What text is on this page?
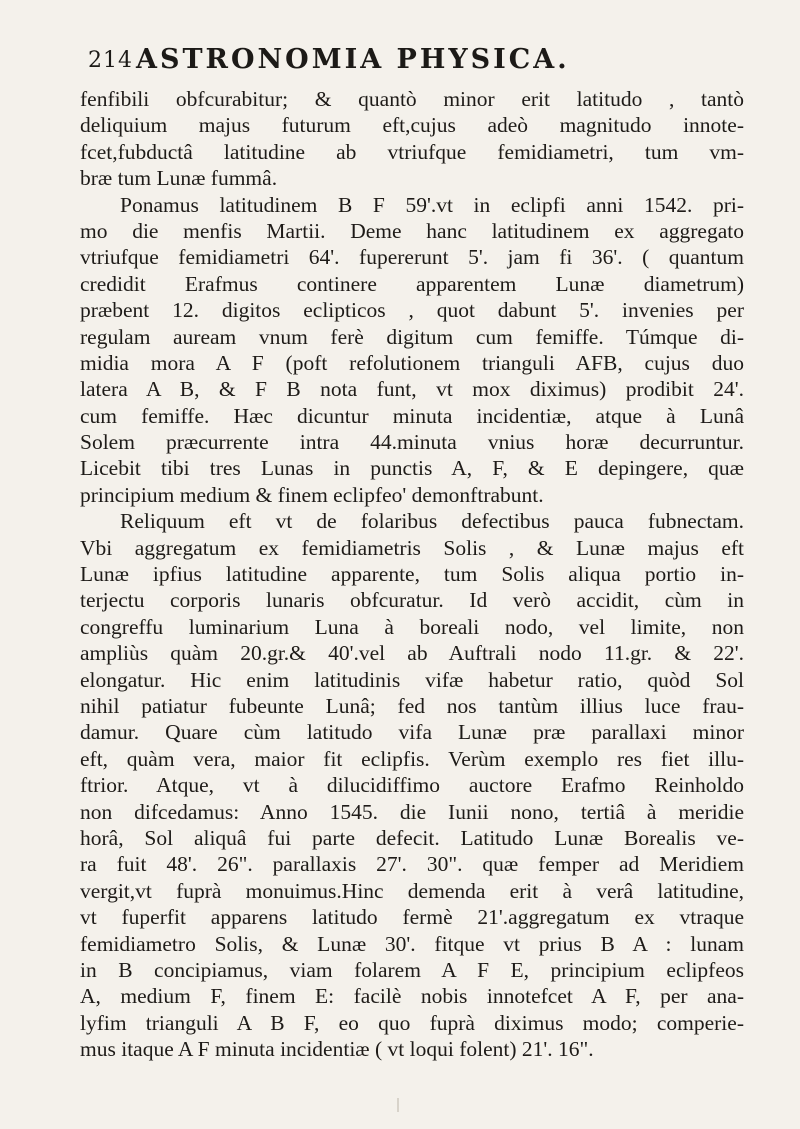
214 ASTRONOMIA PHYSICA.
fenfibili obfcurabitur; & quantò minor erit latitudo , tantò
deliquium majus futurum eft,cujus adeò magnitudo innote-
fcet,fubductâ latitudine ab vtriufque femidiametri, tum vm-
bræ tum Lunæ fummâ.
Ponamus latitudinem B F 59'.vt in eclipfi anni 1542. pri-
mo die menfis Martii. Deme hanc latitudinem ex aggregato
vtriufque femidiametri 64'. fupererunt 5'. jam fi 36'. ( quantum
credidit Erafmus continere apparentem Lunæ diametrum)
præbent 12. digitos eclipticos , quot dabunt 5'. invenies per
regulam auream vnum ferè digitum cum femiffe. Túmque di-
midia mora A F (poft refolutionem trianguli AFB, cujus duo
latera A B, & F B nota funt, vt mox diximus) prodibit 24'.
cum femiffe. Hæc dicuntur minuta incidentiæ, atque à Lunâ
Solem præcurrente intra 44.minuta vnius horæ decurruntur.
Licebit tibi tres Lunas in punctis A, F, & E depingere, quæ
principium medium & finem eclipfeo' demonftrabunt.
Reliquum eft vt de folaribus defectibus pauca fubnectam.
Vbi aggregatum ex femidiametris Solis , & Lunæ majus eft
Lunæ ipfius latitudine apparente, tum Solis aliqua portio in-
terjectu corporis lunaris obfcuratur. Id verò accidit, cùm in
congreffu luminarium Luna à boreali nodo, vel limite, non
ampliùs quàm 20.gr.& 40'.vel ab Auftrali nodo 11.gr. & 22'.
elongatur. Hic enim latitudinis vifæ habetur ratio, quòd Sol
nihil patiatur fubeunte Lunâ; fed nos tantùm illius luce frau-
damur. Quare cùm latitudo vifa Lunæ præ parallaxi minor
eft, quàm vera, maior fit eclipfis. Verùm exemplo res fiet illu-
ftrior. Atque, vt à dilucidiffimo auctore Erafmo Reinholdo
non difcedamus: Anno 1545. die Iunii nono, tertiâ à meridie
horâ, Sol aliquâ fui parte defecit. Latitudo Lunæ Borealis ve-
ra fuit 48'. 26". parallaxis 27'. 30". quæ femper ad Meridiem
vergit,vt fuprà monuimus.Hinc demenda erit à verâ latitudine,
vt fuperfit apparens latitudo fermè 21'.aggregatum ex vtraque
femidiametro Solis, & Lunæ 30'. fitque vt prius B A : lunam
in B concipiamus, viam folarem A F E, principium eclipfeos
A, medium F, finem E: facilè nobis innotefcet A F, per ana-
lyfim trianguli A B F, eo quo fuprà diximus modo; comperie-
mus itaque A F minuta incidentiæ ( vt loqui folent) 21'. 16".
